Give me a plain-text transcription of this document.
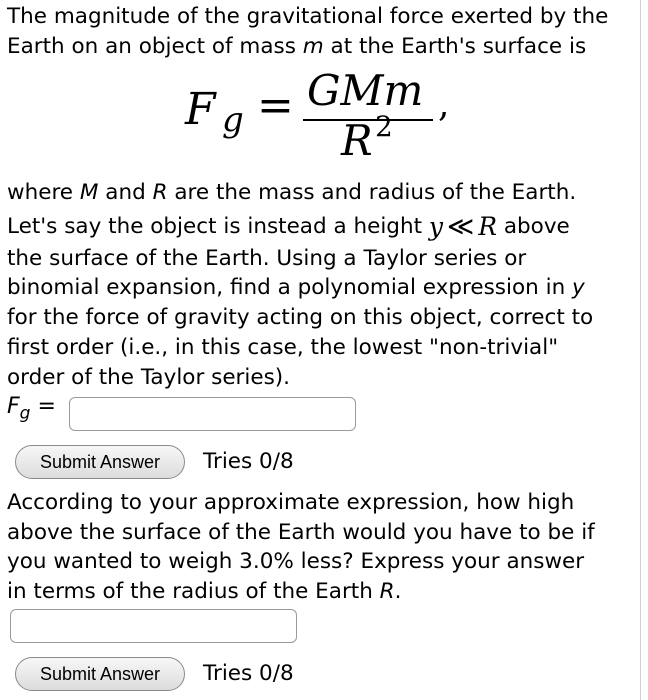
The magnitude of the gravitational force exerted by the
Earth on an object of mass m at the Earth's surface is
F g = GMm
R 2
,
where M and R are the mass and radius of the Earth.
Let's say the object is instead a height y ≪ R above
the surface of the Earth. Using a Taylor series or
binomial expansion, find a polynomial expression in y
for the force of gravity acting on this object, correct to
first order (i.e., in this case, the lowest "non-trivial"
order of the Taylor series).
$F_g$ =
Submit Answer	Tries 0/8
According to your approximate expression, how high
above the surface of the Earth would you have to be if
you wanted to weigh 3.0% less? Express your answer
in terms of the radius of the Earth R.
Submit Answer	Tries 0/8
